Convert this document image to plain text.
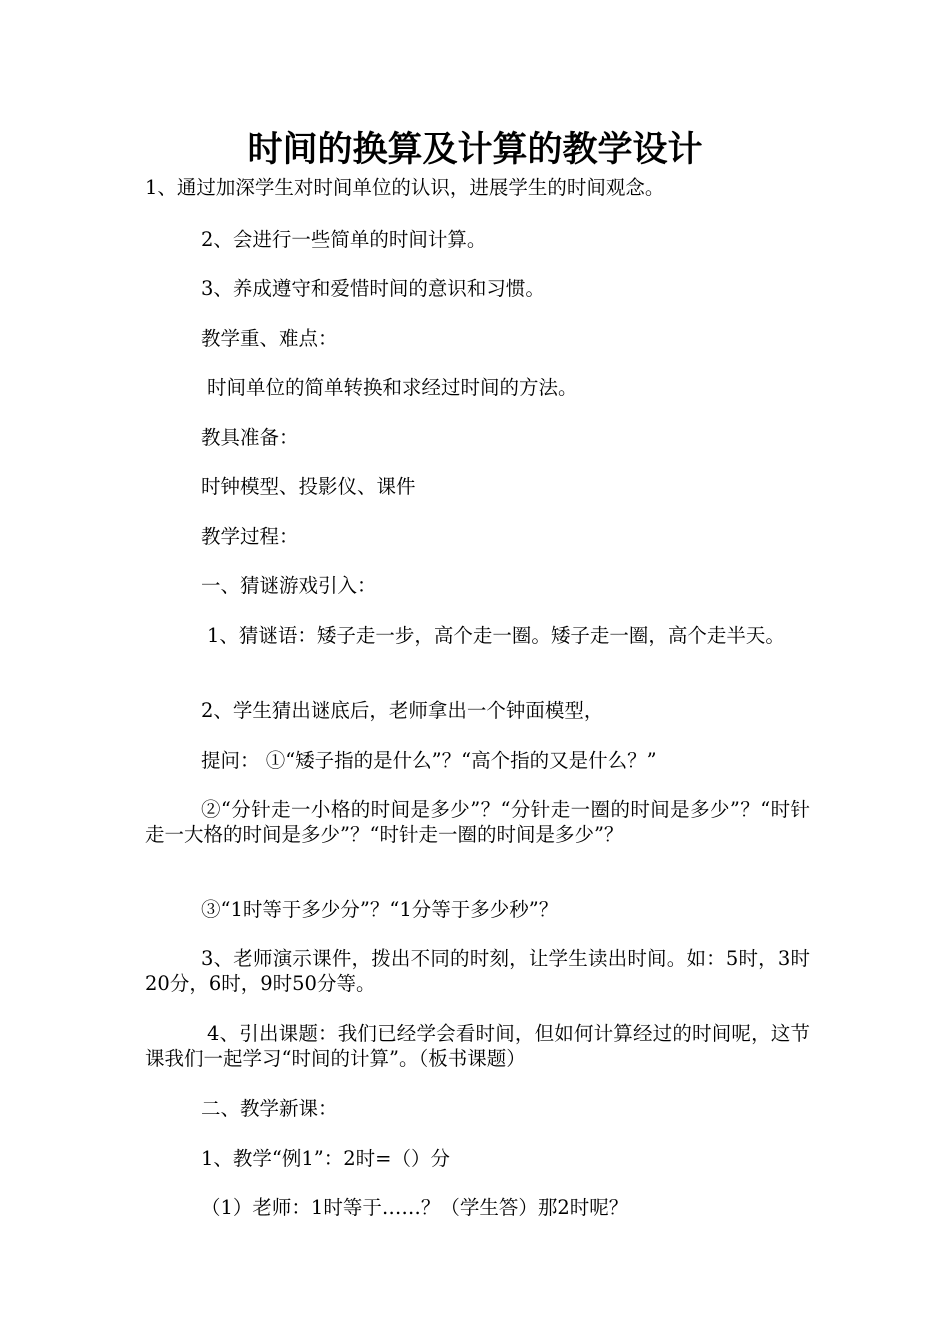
时间的换算及计算的教学设计
1、通过加深学生对时间单位的认识，进展学生的时间观念。
2、会进行一些简单的时间计算。
3、养成遵守和爱惜时间的意识和习惯。
教学重、难点：
时间单位的简单转换和求经过时间的方法。
教具准备：
时钟模型、投影仪、课件
教学过程：
一、猜谜游戏引入：
1、猜谜语：矮子走一步，高个走一圈。矮子走一圈，高个走半天。
2、学生猜出谜底后，老师拿出一个钟面模型，
提问： ①“矮子指的是什么”？“高个指的又是什么？”
②“分针走一小格的时间是多少”？“分针走一圈的时间是多少”？“时针走一大格的时间是多少”？“时针走一圈的时间是多少”？
③“1时等于多少分”？“1分等于多少秒”？
3、老师演示课件，拨出不同的时刻，让学生读出时间。如：5时，3时20分，6时，9时50分等。
4、引出课题：我们已经学会看时间，但如何计算经过的时间呢，这节课我们一起学习“时间的计算”。（板书课题）
二、教学新课：
1、教学“例1”：2时=（）分
（1）老师：1时等于……？（学生答）那2时呢？
